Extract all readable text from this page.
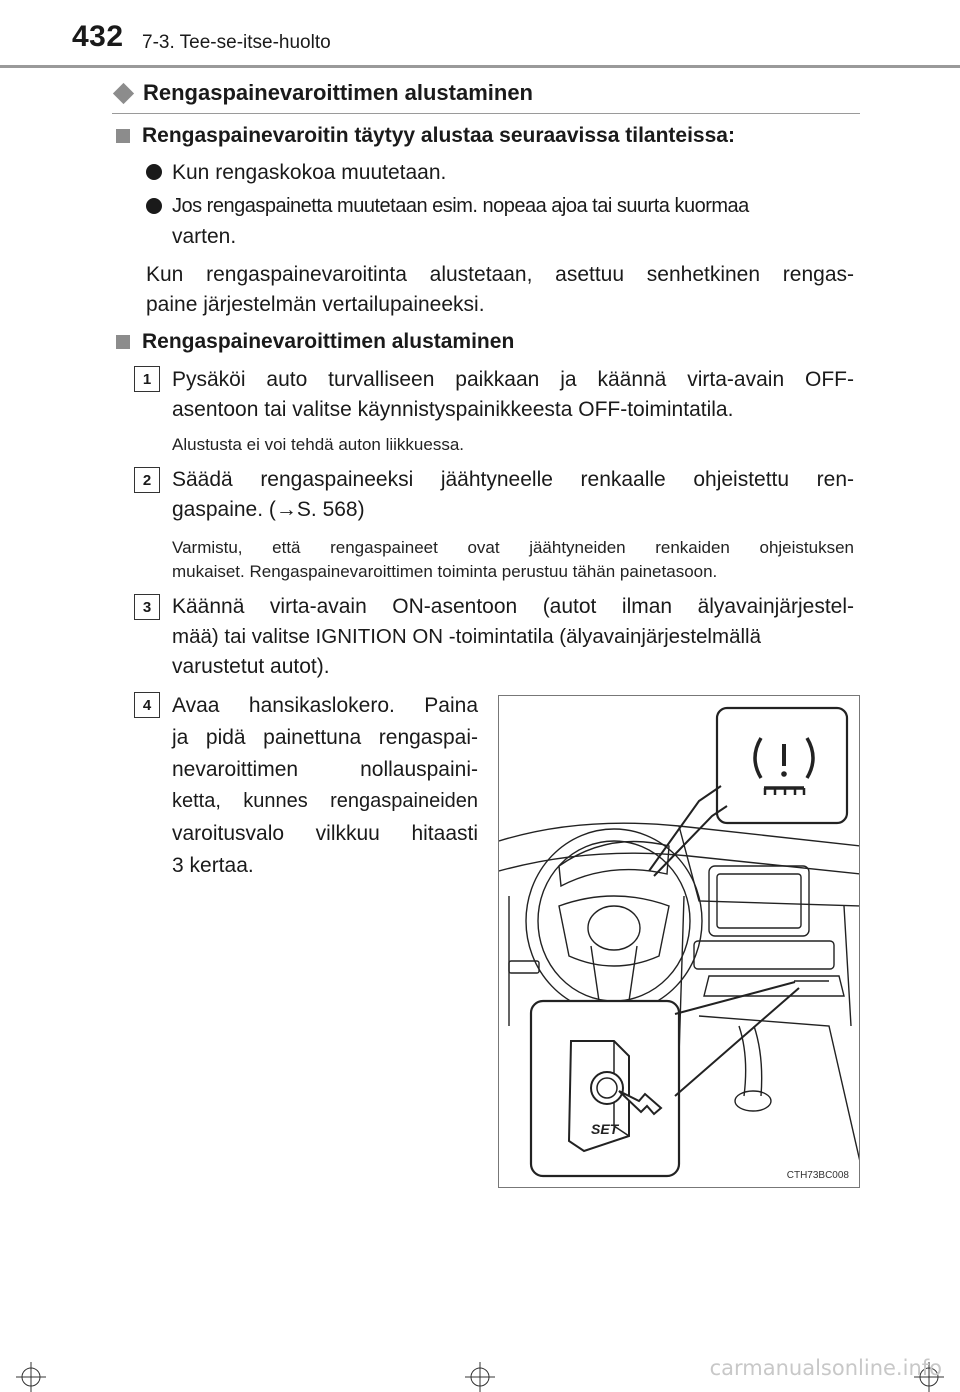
432 7-3. Tee-se-itse-huolto
Rengaspainevaroittimen alustaminen
Rengaspainevaroitin täytyy alustaa seuraavissa tilanteissa:
Kun rengaskokoa muutetaan.
Jos rengaspainetta muutetaan esim. nopeaa ajoa tai suurta kuormaa
varten.
Kun rengaspainevaroitinta alustetaan, asettuu senhetkinen rengas-
paine järjestelmän vertailupaineeksi.
Rengaspainevaroittimen alustaminen
1 Pysäköi auto turvalliseen paikkaan ja käännä virta-avain OFF-
asentoon tai valitse käynnistyspainikkeesta OFF-toimintatila.
Alustusta ei voi tehdä auton liikkuessa.
2 Säädä rengaspaineeksi jäähtyneelle renkaalle ohjeistettu ren-
gaspaine. (→S. 568)
Varmistu, että rengaspaineet ovat jäähtyneiden renkaiden ohjeistuksen
mukaiset. Rengaspainevaroittimen toiminta perustuu tähän painetasoon.
3 Käännä virta-avain ON-asentoon (autot ilman älyavainjärjestel-
mää) tai valitse IGNITION ON -toimintatila (älyavainjärjestelmällä
varustetut autot).
4 Avaa hansikaslokero. Paina
ja pidä painettuna rengaspai-
nevaroittimen nollauspaini-
ketta, kunnes rengaspaineiden
varoitusvalo vilkkuu hitaasti
3 kertaa.
SET
CTH73BC008
carmanualsonline.info
